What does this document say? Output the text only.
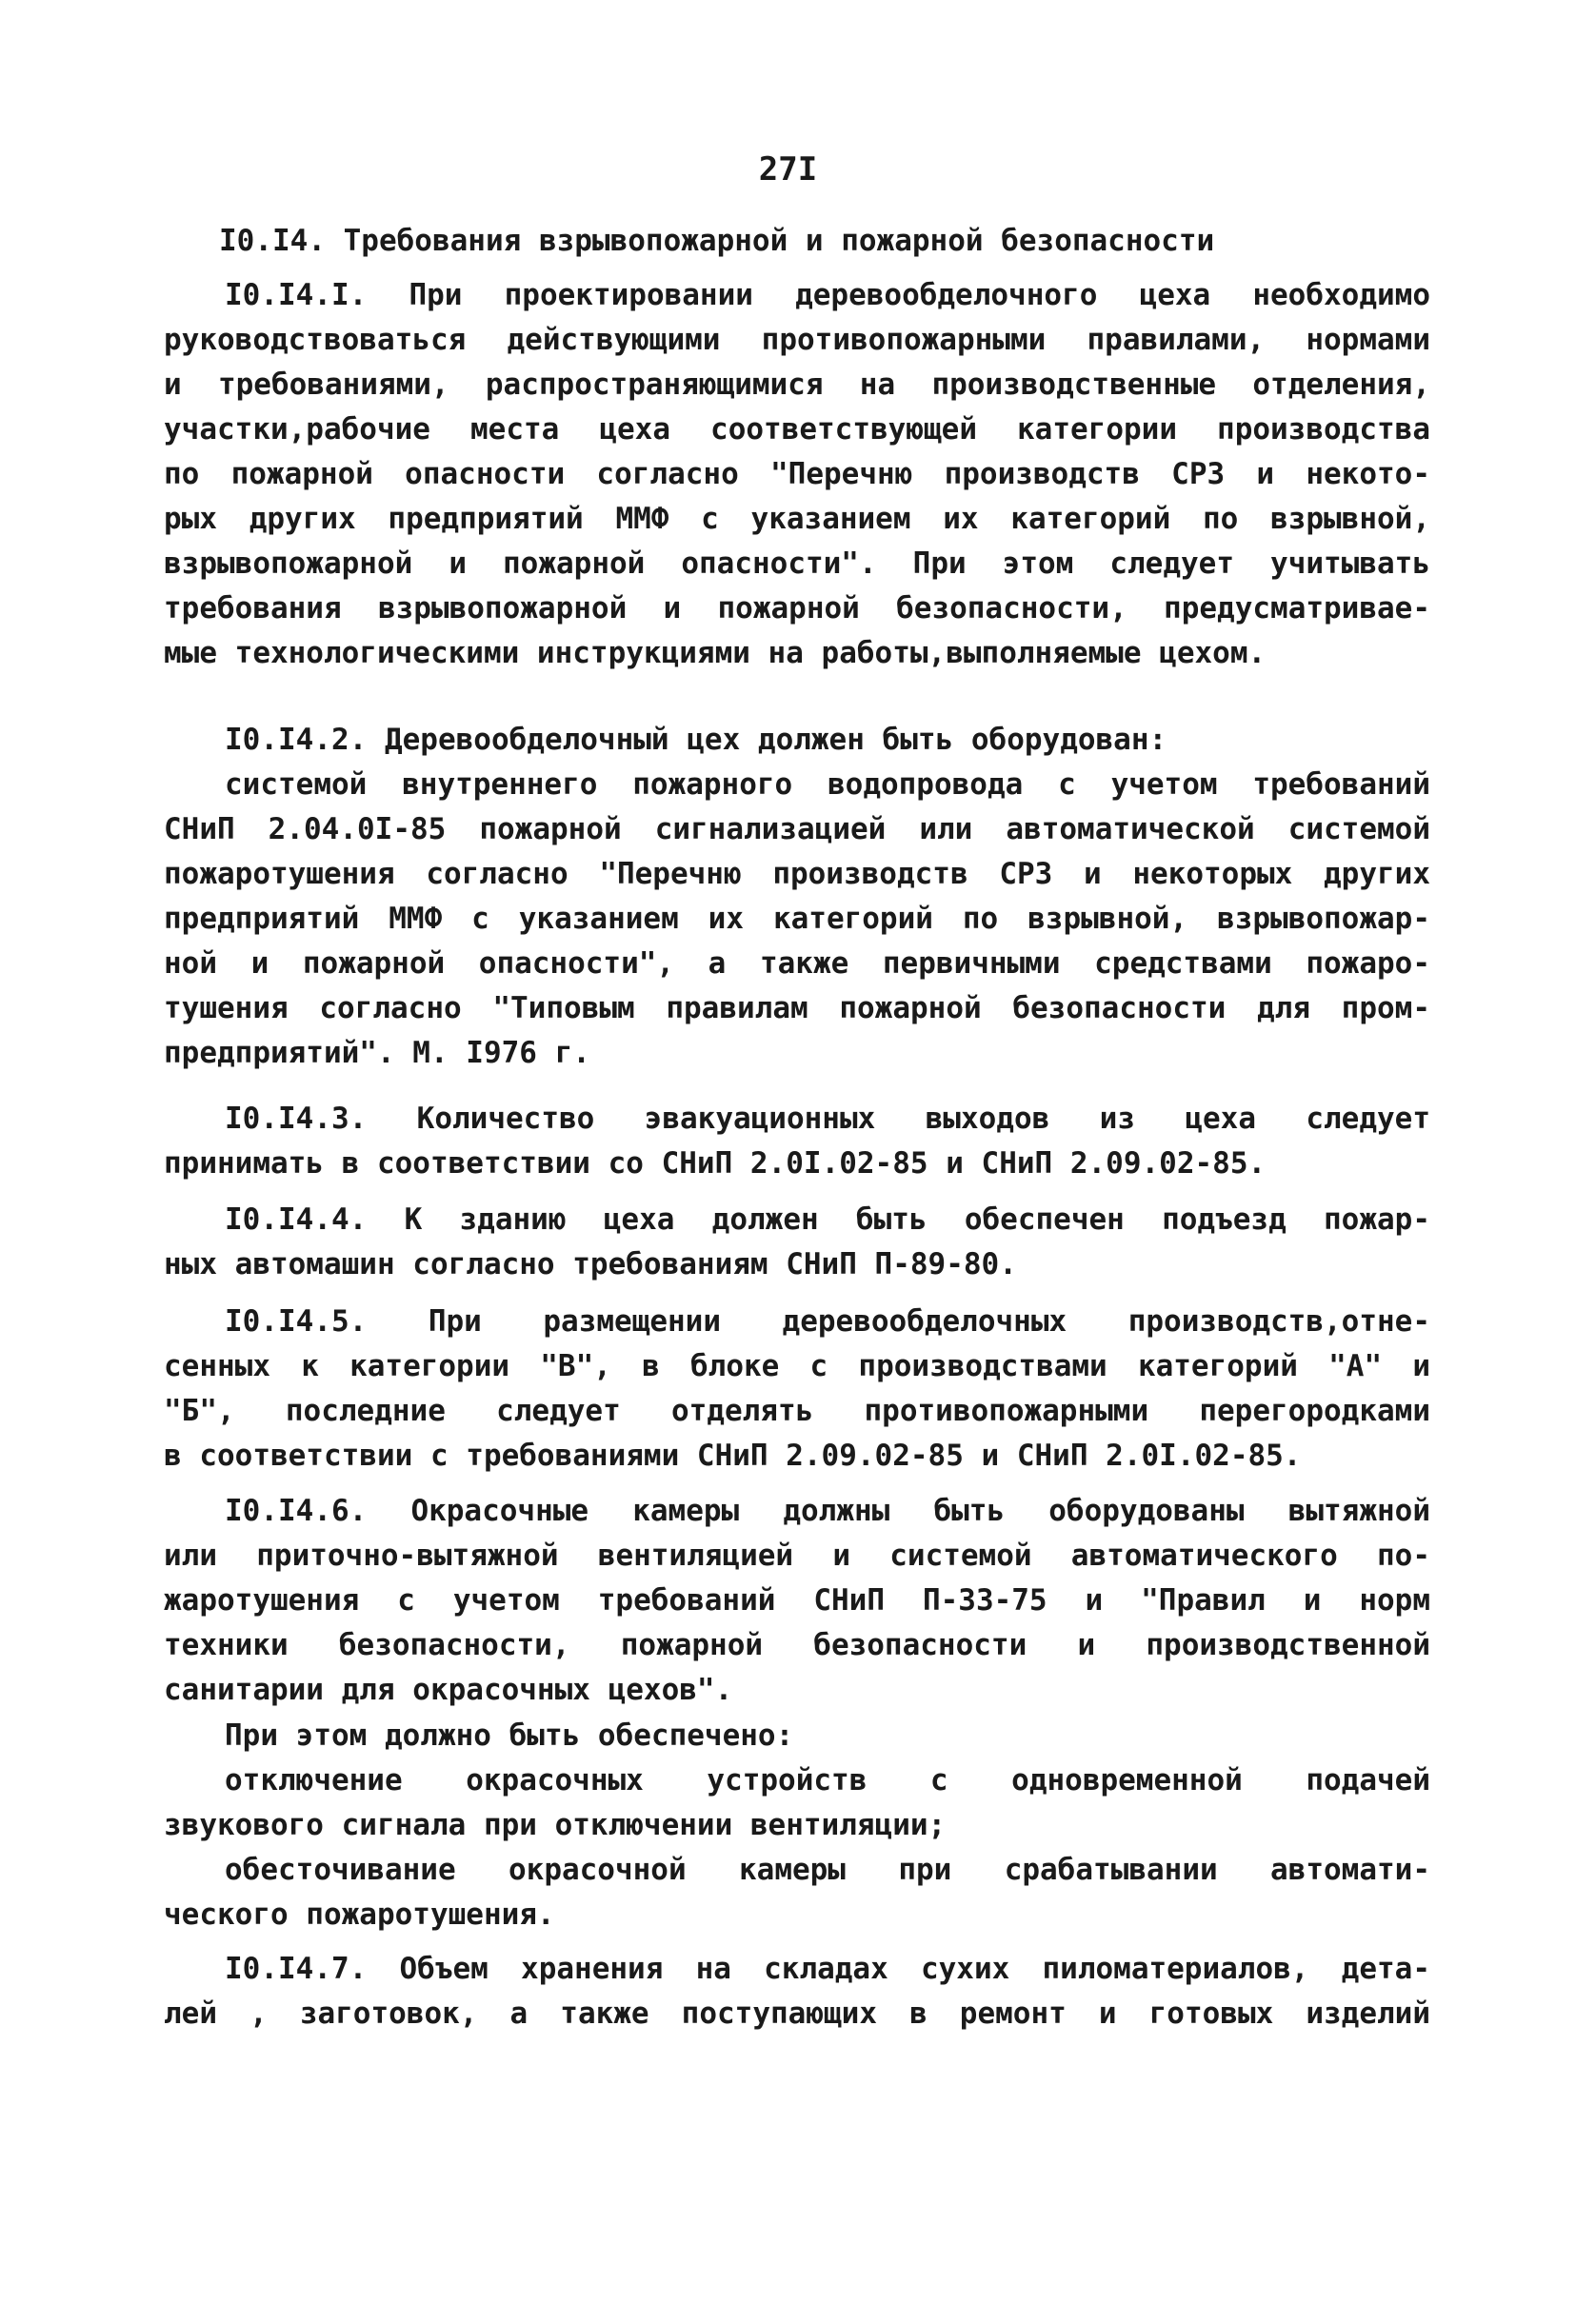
27I
I0.I4. Требования взрывопожарной и пожарной безопасности
I0.I4.I. При проектировании деревообделочного цеха необходимо
руководствоваться действующими противопожарными правилами, нормами
и требованиями, распространяющимися на производственные отделения,
участки,рабочие места цеха соответствующей категории производства
по пожарной опасности согласно "Перечню производств СРЗ и некото-
рых других предприятий ММФ с указанием их категорий по взрывной,
взрывопожарной и пожарной опасности". При этом следует учитывать
требования взрывопожарной и пожарной безопасности, предусматривае-
мые технологическими инструкциями на работы,выполняемые цехом.
I0.I4.2. Деревообделочный цех должен быть оборудован:
системой внутреннего пожарного водопровода с учетом требований
СНиП 2.04.0I-85 пожарной сигнализацией или автоматической системой
пожаротушения согласно "Перечню производств СРЗ и некоторых других
предприятий ММФ с указанием их категорий по взрывной, взрывопожар-
ной и пожарной опасности", а также первичными средствами пожаро-
тушения согласно "Типовым правилам пожарной безопасности для пром-
предприятий". М. I976 г.
I0.I4.3. Количество эвакуационных выходов из цеха следует
принимать в соответствии со СНиП 2.0I.02-85 и СНиП 2.09.02-85.
I0.I4.4. К зданию цеха должен быть обеспечен подъезд пожар-
ных автомашин согласно требованиям СНиП П-89-80.
I0.I4.5. При размещении деревообделочных производств,отне-
сенных к категории "В", в блоке с производствами категорий "А" и
"Б", последние следует отделять противопожарными перегородками
в соответствии с требованиями СНиП 2.09.02-85 и СНиП 2.0I.02-85.
I0.I4.6. Окрасочные камеры должны быть оборудованы вытяжной
или приточно-вытяжной вентиляцией и системой автоматического по-
жаротушения с учетом требований СНиП П-33-75 и "Правил и норм
техники безопасности, пожарной безопасности и производственной
санитарии для окрасочных цехов".
При этом должно быть обеспечено:
отключение окрасочных устройств с одновременной подачей
звукового сигнала при отключении вентиляции;
обесточивание окрасочной камеры при срабатывании автомати-
ческого пожаротушения.
I0.I4.7. Объем хранения на складах сухих пиломатериалов, дета-
лей , заготовок, а также поступающих в ремонт и готовых изделий
